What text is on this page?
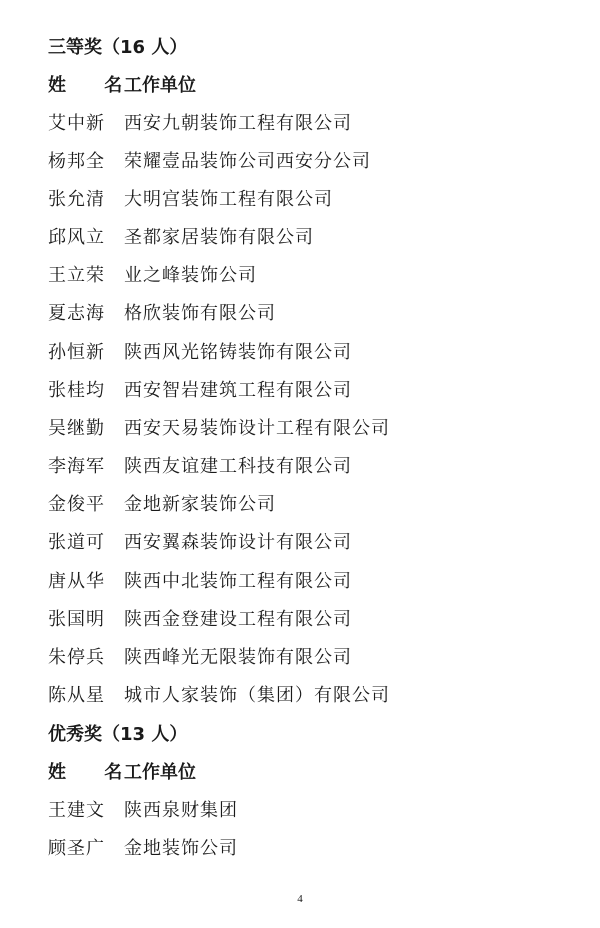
三等奖（16 人）
姓 名工作单位
艾中新 西安九朝装饰工程有限公司
杨邦全 荣耀壹品装饰公司西安分公司
张允清 大明宫装饰工程有限公司
邱风立 圣都家居装饰有限公司
王立荣 业之峰装饰公司
夏志海 格欣装饰有限公司
孙恒新 陕西风光铭铸装饰有限公司
张桂均 西安智岩建筑工程有限公司
吴继勤 西安天易装饰设计工程有限公司
李海军 陕西友谊建工科技有限公司
金俊平 金地新家装饰公司
张道可 西安翼森装饰设计有限公司
唐从华 陕西中北装饰工程有限公司
张国明 陕西金登建设工程有限公司
朱停兵 陕西峰光无限装饰有限公司
陈从星 城市人家装饰（集团）有限公司
优秀奖（13 人）
姓 名工作单位
王建文 陕西泉财集团
顾圣广 金地装饰公司
4
